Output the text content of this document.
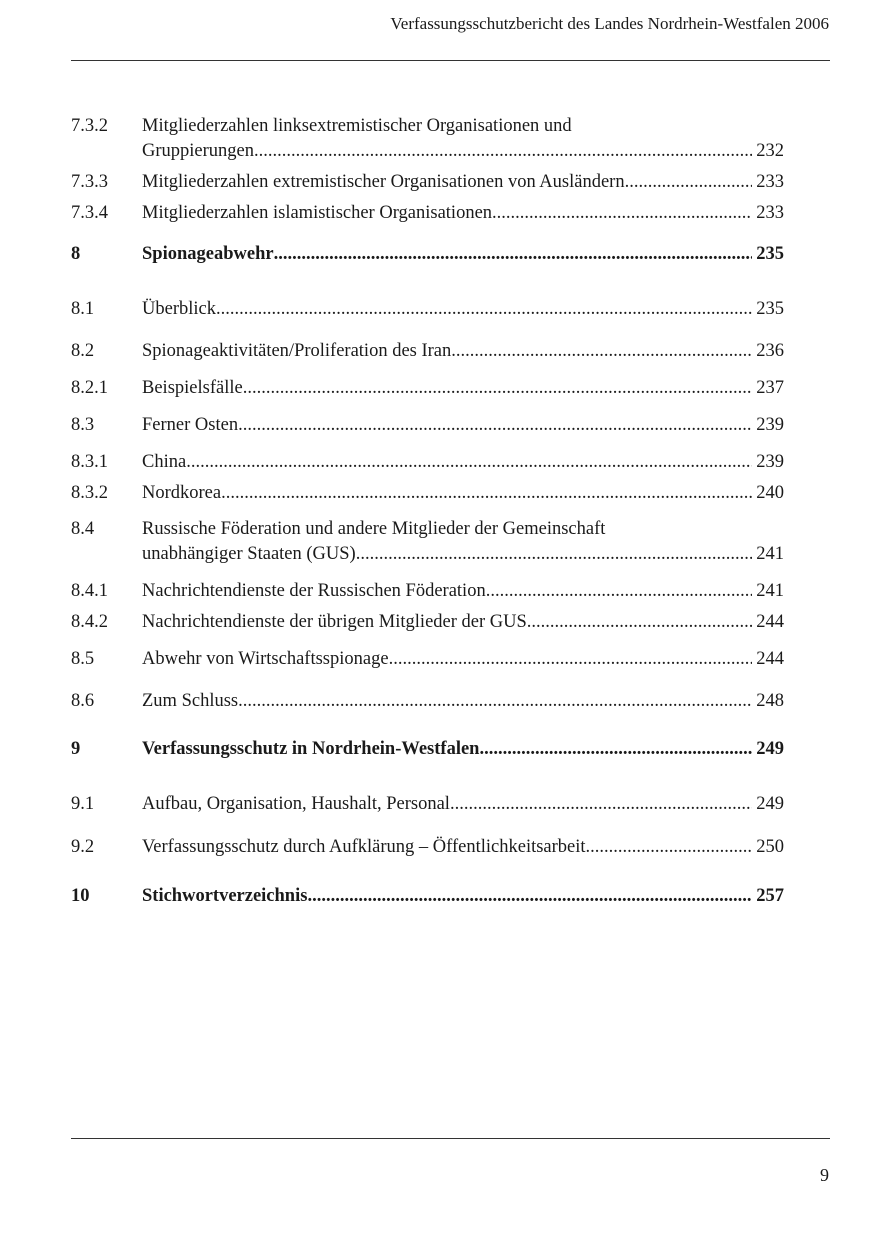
Verfassungsschutzbericht des Landes Nordrhein-Westfalen 2006
7.3.2 Mitgliederzahlen linksextremistischer Organisationen und
Gruppierungen .....	232
7.3.3 Mitgliederzahlen extremistischer Organisationen von Ausländern .....	233
7.3.4 Mitgliederzahlen islamistischer Organisationen .....	233
8	Spionageabwehr .....	235
8.1	Überblick .....	235
8.2	Spionageaktivitäten/Proliferation des Iran .....	236
8.2.1 Beispielsfälle .....	237
8.3	Ferner Osten .....	239
8.3.1 China .....	239
8.3.2 Nordkorea .....	240
8.4	Russische Föderation und andere Mitglieder der Gemeinschaft
unabhängiger Staaten (GUS) .....	241
8.4.1 Nachrichtendienste der Russischen Föderation .....	241
8.4.2 Nachrichtendienste der übrigen Mitglieder der GUS .....	244
8.5	Abwehr von Wirtschaftsspionage .....	244
8.6	Zum Schluss .....	248
9	Verfassungsschutz in Nordrhein-Westfalen .....	249
9.1	Aufbau, Organisation, Haushalt, Personal .....	249
9.2	Verfassungsschutz durch Aufklärung – Öffentlichkeitsarbeit .....	250
10	Stichwortverzeichnis .....	257
9
